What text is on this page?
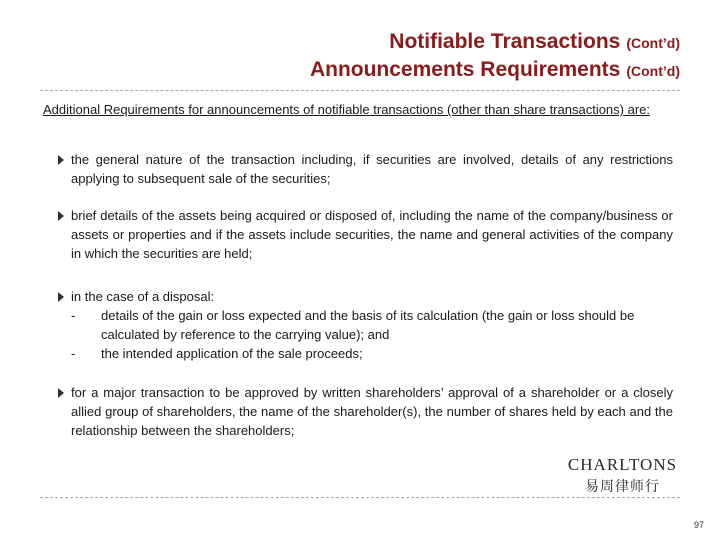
Notifiable Transactions (Cont’d)
Announcements Requirements (Cont’d)
Additional Requirements for announcements of notifiable transactions (other than share transactions) are:
the general nature of the transaction including, if securities are involved, details of any restrictions applying to subsequent sale of the securities;
brief details of the assets being acquired or disposed of, including the name of the company/business or assets or properties and if the assets include securities, the name and general activities of the company in which the securities are held;
in the case of a disposal:
- details of the gain or loss expected and the basis of its calculation (the gain or loss should be calculated by reference to the carrying value); and
- the intended application of the sale proceeds;
for a major transaction to be approved by written shareholders’ approval of a shareholder or a closely allied group of shareholders, the name of the shareholder(s), the number of shares held by each and the relationship between the shareholders;
CHARLTONS
易周律师行
97
